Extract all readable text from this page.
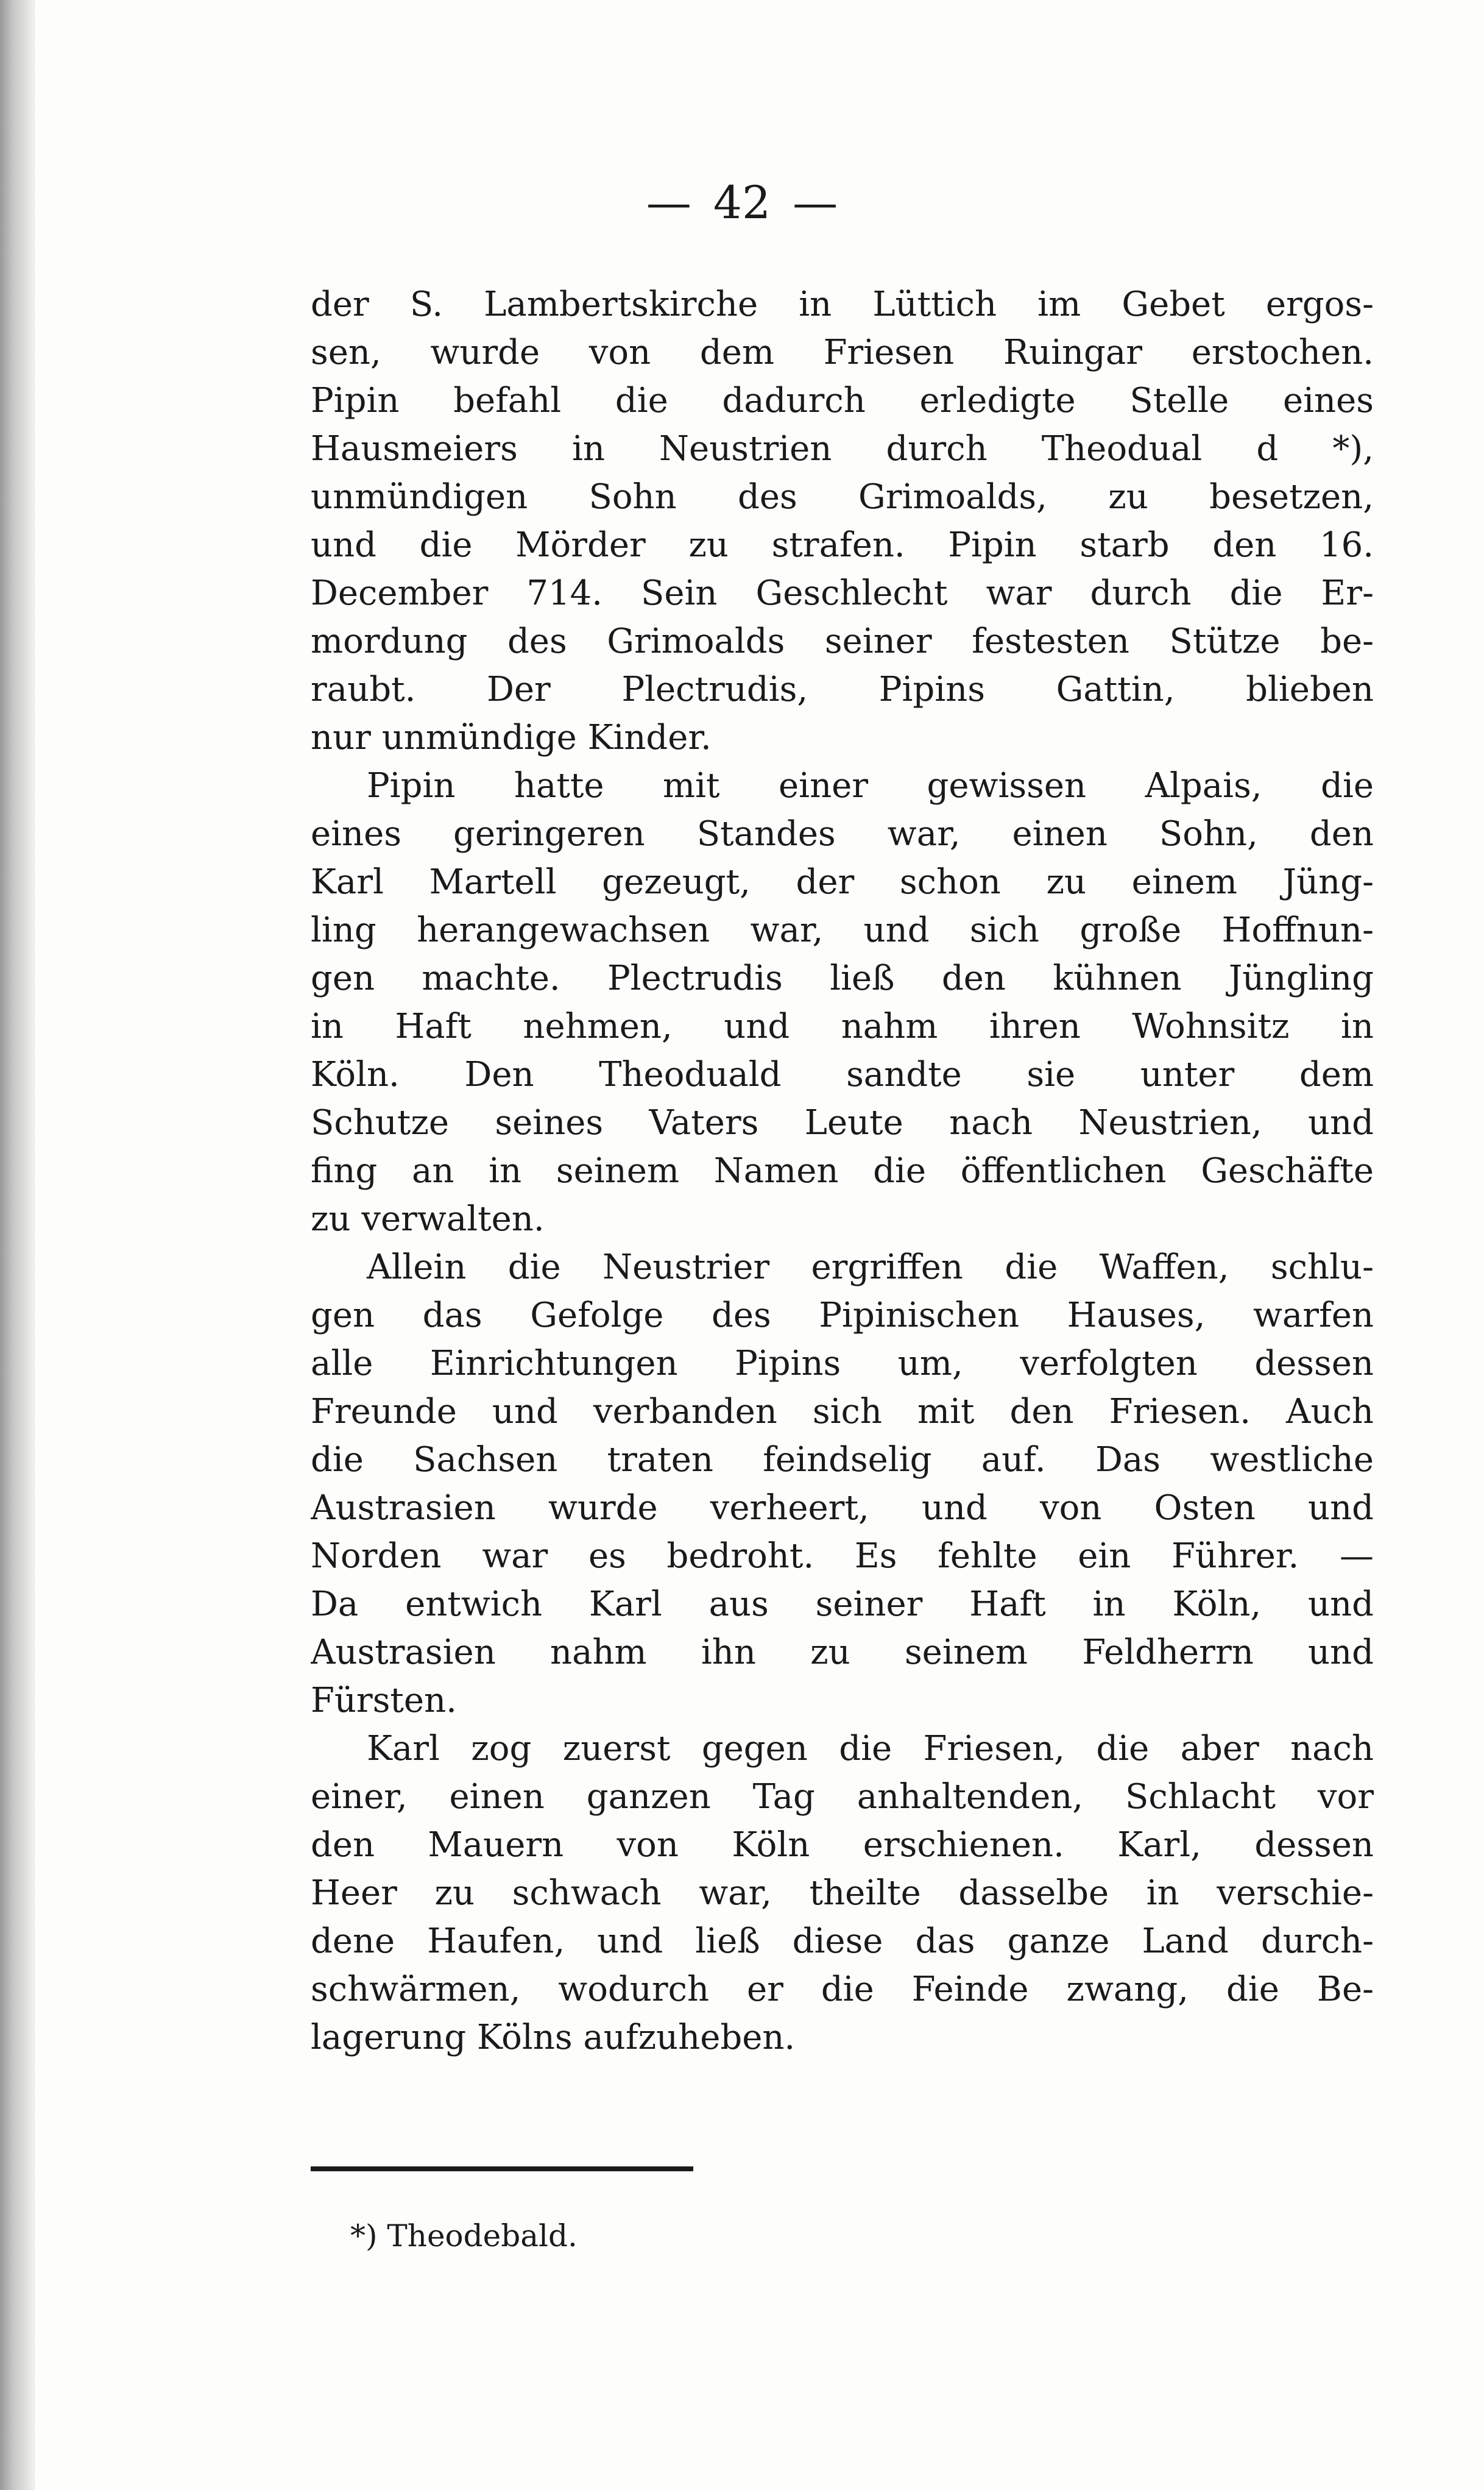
— 42 —
der S. Lambertskirche in Lüttich im Gebet ergos-
sen, wurde von dem Friesen Ruingar erstochen.
Pipin befahl die dadurch erledigte Stelle eines
Hausmeiers in Neustrien durch Theodual d *),
unmündigen Sohn des Grimoalds, zu besetzen,
und die Mörder zu strafen. Pipin starb den 16.
December 714. Sein Geschlecht war durch die Er-
mordung des Grimoalds seiner festesten Stütze be-
raubt. Der Plectrudis, Pipins Gattin, blieben
nur unmündige Kinder.
Pipin hatte mit einer gewissen Alpais, die
eines geringeren Standes war, einen Sohn, den
Karl Martell gezeugt, der schon zu einem Jüng-
ling herangewachsen war, und sich große Hoffnun-
gen machte. Plectrudis ließ den kühnen Jüngling
in Haft nehmen, und nahm ihren Wohnsitz in
Köln. Den Theoduald sandte sie unter dem
Schutze seines Vaters Leute nach Neustrien, und
fing an in seinem Namen die öffentlichen Geschäfte
zu verwalten.
Allein die Neustrier ergriffen die Waffen, schlu-
gen das Gefolge des Pipinischen Hauses, warfen
alle Einrichtungen Pipins um, verfolgten dessen
Freunde und verbanden sich mit den Friesen. Auch
die Sachsen traten feindselig auf. Das westliche
Austrasien wurde verheert, und von Osten und
Norden war es bedroht. Es fehlte ein Führer. —
Da entwich Karl aus seiner Haft in Köln, und
Austrasien nahm ihn zu seinem Feldherrn und
Fürsten.
Karl zog zuerst gegen die Friesen, die aber nach
einer, einen ganzen Tag anhaltenden, Schlacht vor
den Mauern von Köln erschienen. Karl, dessen
Heer zu schwach war, theilte dasselbe in verschie-
dene Haufen, und ließ diese das ganze Land durch-
schwärmen, wodurch er die Feinde zwang, die Be-
lagerung Kölns aufzuheben.
*) Theodebald.
